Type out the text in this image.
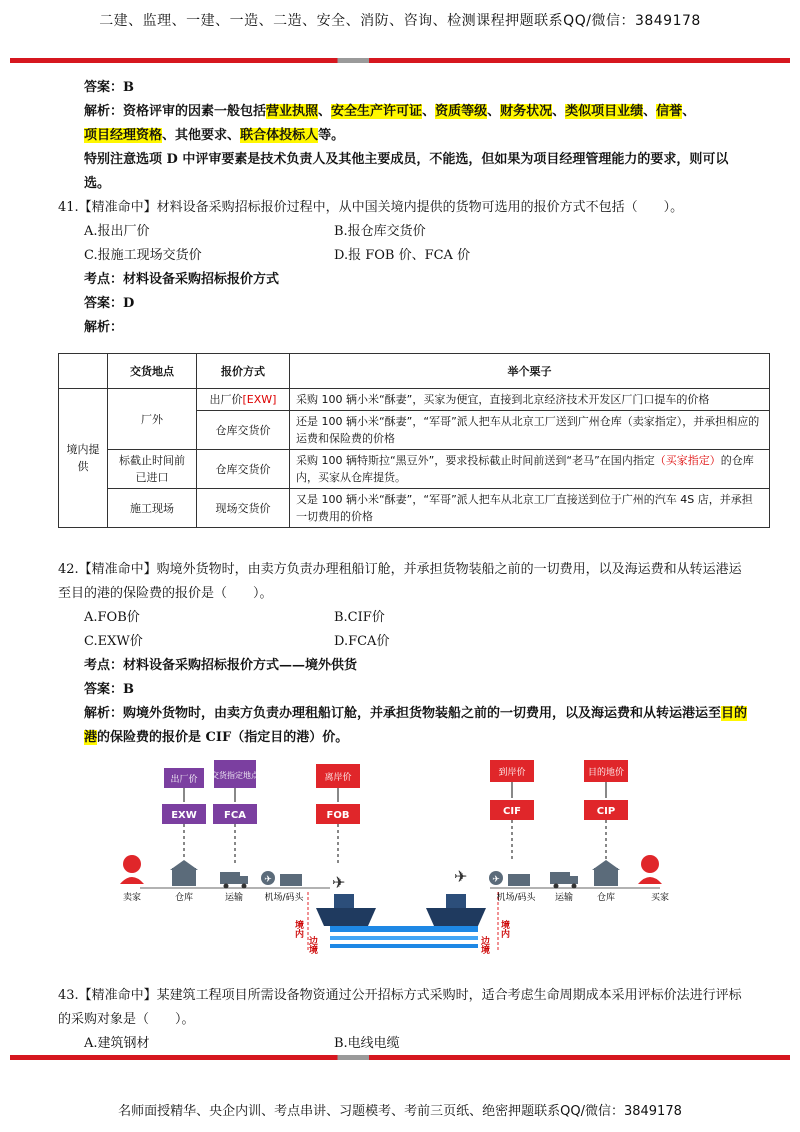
二建、监理、一建、一造、二造、安全、消防、咨询、检测课程押题联系QQ/微信：3849178

答案：B

解析：资格评审的因素一般包括营业执照、安全生产许可证、资质等级、财务状况、类似项目业绩、信誉、
项目经理资格、其他要求、联合体投标人等。

特别注意选项 D 中评审要素是技术负责人及其他主要成员，不能选，但如果为项目经理管理能力的要求，则可以选。

41.【精准命中】材料设备采购招标报价过程中，从中国关境内提供的货物可选用的报价方式不包括（　　）。

A.报出厂价	B.报仓库交货价
C.报施工现场交货价	D.报 FOB 价、FCA 价

考点：材料设备采购招标报价方式

答案：D

解析：

	交货地点	报价方式	举个栗子
境内提供	厂外	出厂价[EXW]	采购 100 辆小米“酥妻”，买家为便宜，直接到北京经济技术开发区厂门口提车的价格
		仓库交货价	还是 100 辆小米“酥妻”，“军哥”派人把车从北京工厂送到广州仓库（卖家指定），并承担相应的运费和保险费的价格
	标截止时间前已进口	仓库交货价	采购 100 辆特斯拉“黑豆外”，要求投标截止时间前送到“老马”在国内指定（买家指定）的仓库内，买家从仓库提货。
	施工现场	现场交货价	又是 100 辆小米“酥妻”，“军哥”派人把车从北京工厂直接送到位于广州的汽车 4S 店，并承担一切费用的价格

42.【精准命中】购境外货物时，由卖方负责办理租船订舱，并承担货物装船之前的一切费用，以及海运费和从转运港运至目的港的保险费的报价是（　　）。

A.FOB价	B.CIF价
C.EXW价	D.FCA价

考点：材料设备采购招标报价方式——境外供货

答案：B

解析：购境外货物时，由卖方负责办理租船订舱，并承担货物装船之前的一切费用，以及海运费和从转运港运至目的港的保险费的报价是 CIF（指定目的港）价。

出厂价 交货指定地点	离岸价	到岸价	目的地价
EXW	FCA	FOB	CIF	CIP
✈	✈
✈	✈
卖家	仓库	运输 机场/码头	机场/码头 运输	仓库	买家
境内
边境
境内
边境

43.【精准命中】某建筑工程项目所需设备物资通过公开招标方式采购时，适合考虑生命周期成本采用评标价法进行评标的采购对象是（　　）。

A.建筑钢材	B.电线电缆
名师面授精华、央企内训、考点串讲、习题模考、考前三页纸、绝密押题联系QQ/微信：3849178
